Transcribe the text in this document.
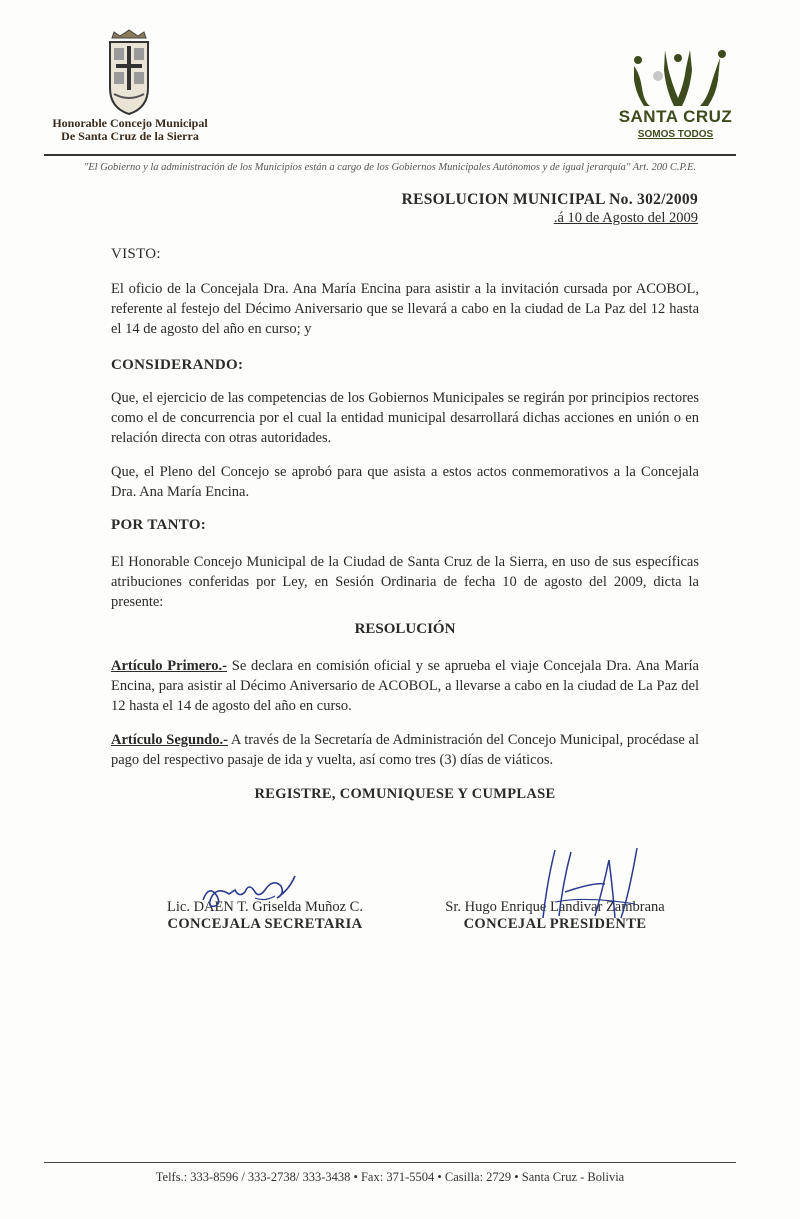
Honorable Concejo Municipal
De Santa Cruz de la Sierra
SANTA CRUZ
SOMOS TODOS
"El Gobierno y la administración de los Municipios están a cargo de los Gobiernos Municipales Autónomos y de igual jerarquía" Art. 200 C.P.E.
RESOLUCION MUNICIPAL No. 302/2009
.á 10 de Agosto del 2009
VISTO:
El oficio de la Concejala Dra. Ana María Encina para asistir a la invitación cursada por ACOBOL, referente al festejo del Décimo Aniversario que se llevará a cabo en la ciudad de La Paz del 12 hasta el 14 de agosto del año en curso; y
CONSIDERANDO:
Que, el ejercicio de las competencias de los Gobiernos Municipales se regirán por principios rectores como el de concurrencia por el cual la entidad municipal desarrollará dichas acciones en unión o en relación directa con otras autoridades.
Que, el Pleno del Concejo se aprobó para que asista a estos actos conmemorativos a la Concejala Dra. Ana María Encina.
POR TANTO:
El Honorable Concejo Municipal de la Ciudad de Santa Cruz de la Sierra, en uso de sus específicas atribuciones conferidas por Ley, en Sesión Ordinaria de fecha 10 de agosto del 2009, dicta la presente:
RESOLUCIÓN
Artículo Primero.- Se declara en comisión oficial y se aprueba el viaje Concejala Dra. Ana María Encina, para asistir al Décimo Aniversario de ACOBOL, a llevarse a cabo en la ciudad de La Paz del 12 hasta el 14 de agosto del año en curso.
Artículo Segundo.- A través de la Secretaría de Administración del Concejo Municipal, procédase al pago del respectivo pasaje de ida y vuelta, así como tres (3) días de viáticos.
REGISTRE, COMUNIQUESE Y CUMPLASE
Lic. DAEN T. Griselda Muñoz C.
CONCEJALA SECRETARIA
Sr. Hugo Enrique Landivar Zambrana
CONCEJAL PRESIDENTE
Telfs.: 333-8596 / 333-2738/ 333-3438 • Fax: 371-5504 • Casilla: 2729 • Santa Cruz - Bolivia
